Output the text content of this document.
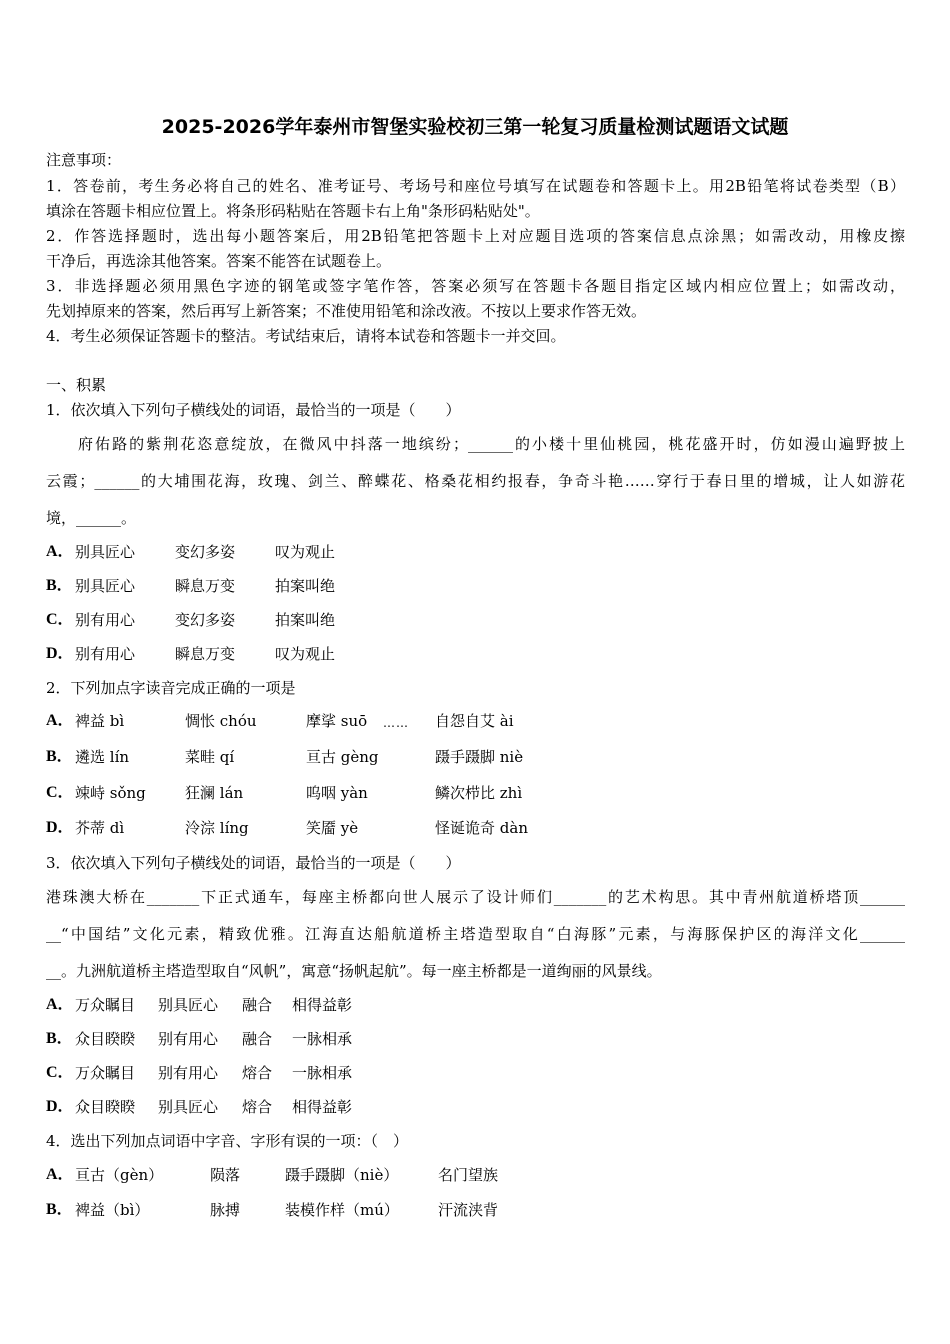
2025-2026学年泰州市智堡实验校初三第一轮复习质量检测试题语文试题
注意事项：
1．答卷前，考生务必将自己的姓名、准考证号、考场号和座位号填写在试题卷和答题卡上。用2B铅笔将试卷类型（B）
填涂在答题卡相应位置上。将条形码粘贴在答题卡右上角"条形码粘贴处"。
2．作答选择题时，选出每小题答案后，用2B铅笔把答题卡上对应题目选项的答案信息点涂黑；如需改动，用橡皮擦
干净后，再选涂其他答案。答案不能答在试题卷上。
3．非选择题必须用黑色字迹的钢笔或签字笔作答，答案必须写在答题卡各题目指定区域内相应位置上；如需改动，
先划掉原来的答案，然后再写上新答案；不准使用铅笔和涂改液。不按以上要求作答无效。
4．考生必须保证答题卡的整洁。考试结束后，请将本试卷和答题卡一并交回。
一、积累
1．依次填入下列句子横线处的词语，最恰当的一项是（　　）
府佑路的紫荆花恣意绽放，在微风中抖落一地缤纷；______的小楼十里仙桃园，桃花盛开时，仿如漫山遍野披上
云霞；______的大埔围花海，玫瑰、剑兰、醉蝶花、格桑花相约报春，争奇斗艳……穿行于春日里的增城，让人如游花
境，______。
A． 别具匠心	变幻多姿	叹为观止
B． 别具匠心	瞬息万变	拍案叫绝
C． 别有用心	变幻多姿	拍案叫绝
D． 别有用心	瞬息万变	叹为观止
2．下列加点字读音完成正确的一项是
A． 裨益 bì	惆怅 chóu	摩挲 suō	自怨自艾 ài
B． 遴选 lín	菜畦 qí	亘古 gèng	蹑手蹑脚 niè
C． 竦峙 sǒng	狂澜 lán	呜咽 yàn	鳞次栉比 zhì
D． 芥蒂 dì	泠淙 líng	笑靥 yè	怪诞诡奇 dàn
……
3．依次填入下列句子横线处的词语，最恰当的一项是（　　）
港珠澳大桥在_______下正式通车，每座主桥都向世人展示了设计师们_______的艺术构思。其中青州航道桥塔顶______
__“中国结”文化元素，精致优雅。江海直达船航道桥主塔造型取自“白海豚”元素，与海豚保护区的海洋文化______
__。九洲航道桥主塔造型取自“风帆”，寓意“扬帆起航”。每一座主桥都是一道绚丽的风景线。
A． 万众瞩目 别具匠心 融合 相得益彰
B． 众目睽睽 别有用心 融合 一脉相承
C． 万众瞩目 别有用心 熔合 一脉相承
D． 众目睽睽 别具匠心 熔合 相得益彰
4．选出下列加点词语中字音、字形有误的一项：（　）
A． 亘古（gèn）	陨落	蹑手蹑脚（niè）	名门望族
B． 裨益（bì）	脉搏	装模作样（mú）	汗流浃背
